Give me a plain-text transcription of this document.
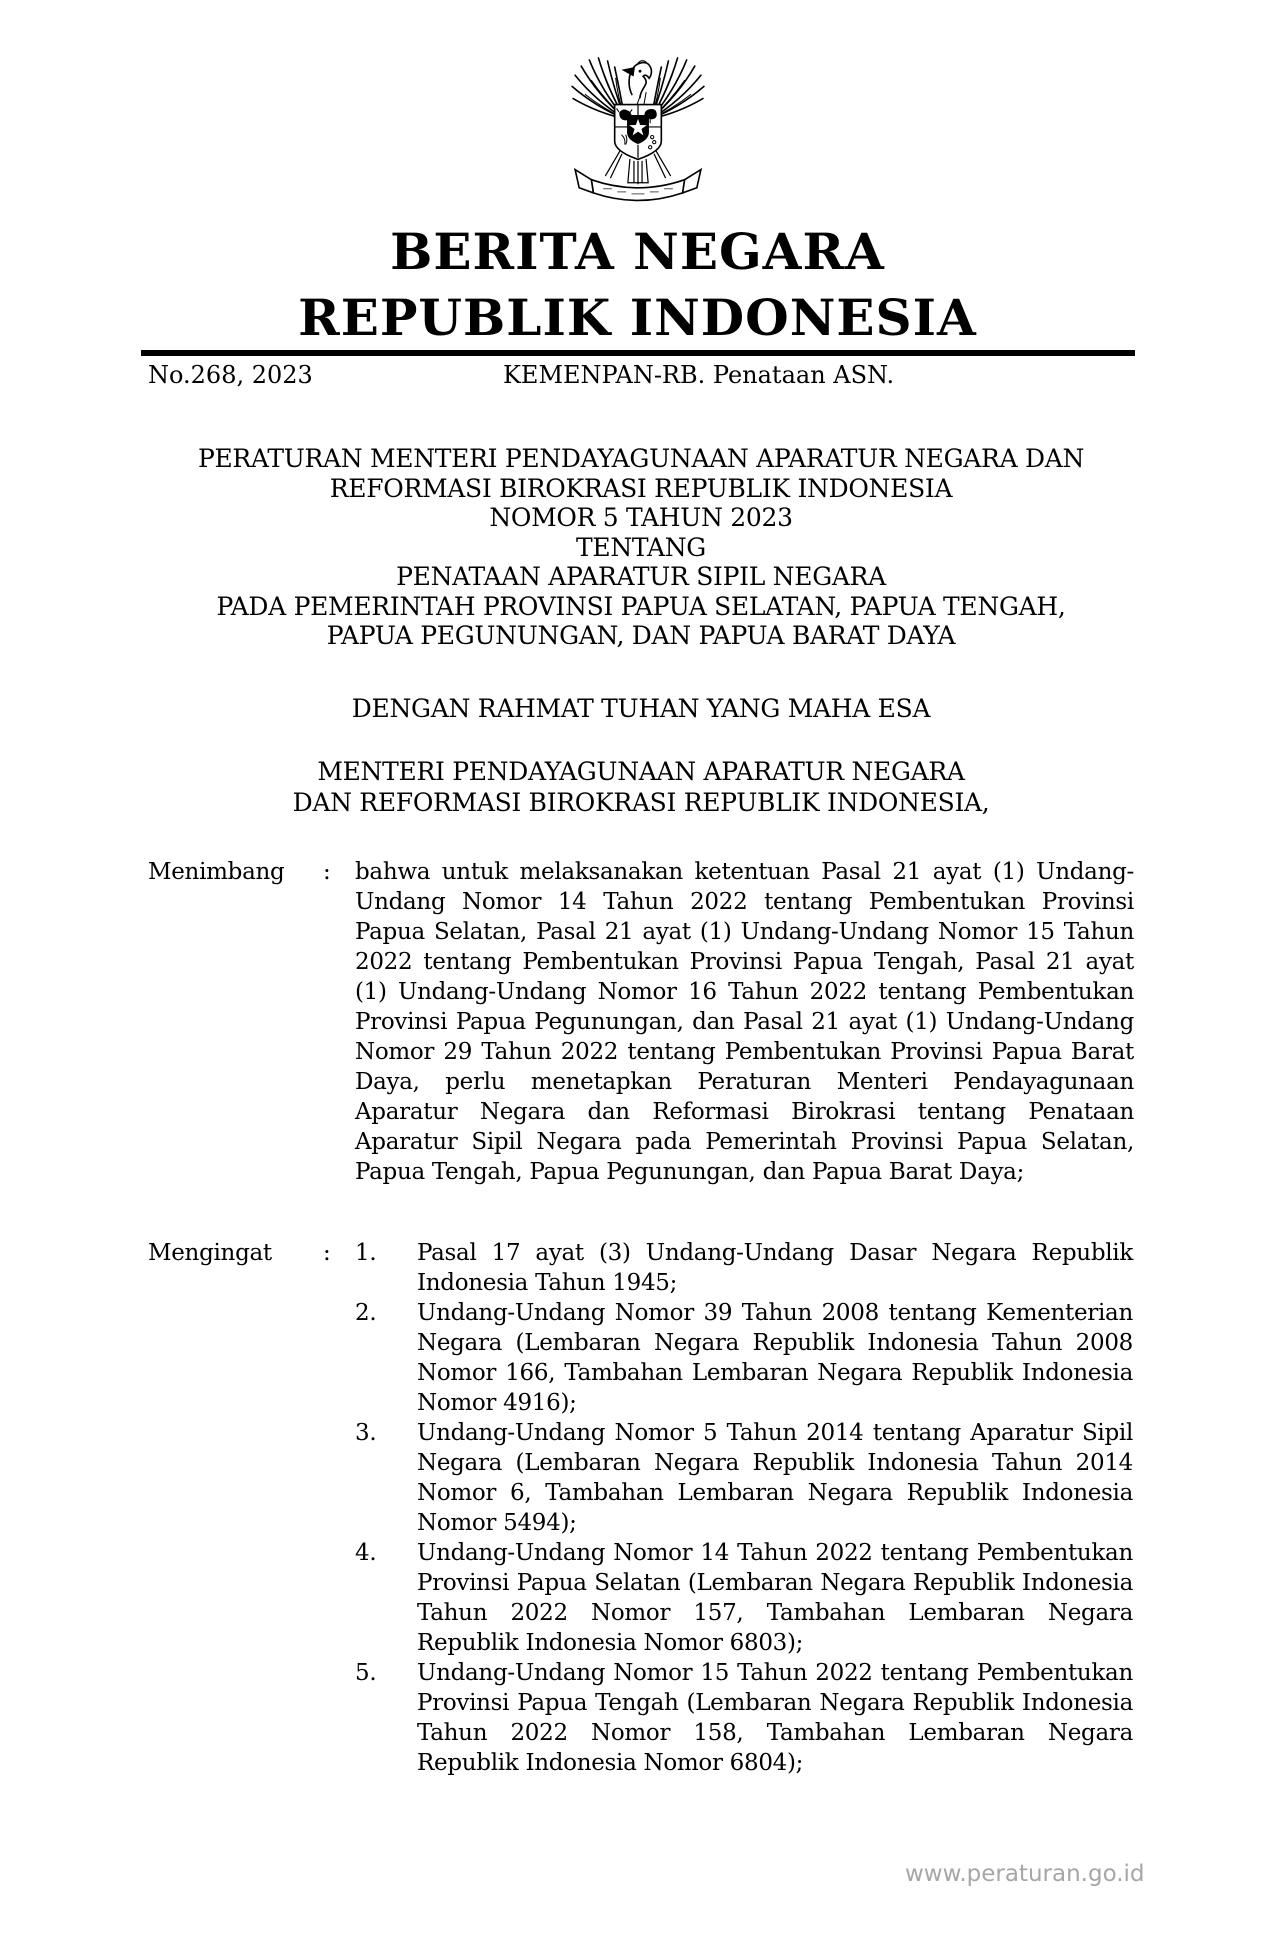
BERITA NEGARA
REPUBLIK INDONESIA
No.268, 2023	KEMENPAN-RB. Penataan ASN.
PERATURAN MENTERI PENDAYAGUNAAN APARATUR NEGARA DAN
REFORMASI BIROKRASI REPUBLIK INDONESIA
NOMOR 5 TAHUN 2023
TENTANG
PENATAAN APARATUR SIPIL NEGARA
PADA PEMERINTAH PROVINSI PAPUA SELATAN, PAPUA TENGAH,
PAPUA PEGUNUNGAN, DAN PAPUA BARAT DAYA
DENGAN RAHMAT TUHAN YANG MAHA ESA
MENTERI PENDAYAGUNAAN APARATUR NEGARA
DAN REFORMASI BIROKRASI REPUBLIK INDONESIA,
Menimbang	:	bahwa untuk melaksanakan ketentuan Pasal 21 ayat (1) Undang-Undang Nomor 14 Tahun 2022 tentang Pembentukan Provinsi Papua Selatan, Pasal 21 ayat (1) Undang-Undang Nomor 15 Tahun 2022 tentang Pembentukan Provinsi Papua Tengah, Pasal 21 ayat (1) Undang-Undang Nomor 16 Tahun 2022 tentang Pembentukan Provinsi Papua Pegunungan, dan Pasal 21 ayat (1) Undang-Undang Nomor 29 Tahun 2022 tentang Pembentukan Provinsi Papua Barat Daya, perlu menetapkan Peraturan Menteri Pendayagunaan Aparatur Negara dan Reformasi Birokrasi tentang Penataan Aparatur Sipil Negara pada Pemerintah Provinsi Papua Selatan, Papua Tengah, Papua Pegunungan, dan Papua Barat Daya;
Mengingat	:	1.	Pasal 17 ayat (3) Undang-Undang Dasar Negara Republik Indonesia Tahun 1945;
2.	Undang-Undang Nomor 39 Tahun 2008 tentang Kementerian Negara (Lembaran Negara Republik Indonesia Tahun 2008 Nomor 166, Tambahan Lembaran Negara Republik Indonesia Nomor 4916);
3.	Undang-Undang Nomor 5 Tahun 2014 tentang Aparatur Sipil Negara (Lembaran Negara Republik Indonesia Tahun 2014 Nomor 6, Tambahan Lembaran Negara Republik Indonesia Nomor 5494);
4.	Undang-Undang Nomor 14 Tahun 2022 tentang Pembentukan Provinsi Papua Selatan (Lembaran Negara Republik Indonesia Tahun 2022 Nomor 157, Tambahan Lembaran Negara Republik Indonesia Nomor 6803);
5.	Undang-Undang Nomor 15 Tahun 2022 tentang Pembentukan Provinsi Papua Tengah (Lembaran Negara Republik Indonesia Tahun 2022 Nomor 158, Tambahan Lembaran Negara Republik Indonesia Nomor 6804);
www.peraturan.go.id
